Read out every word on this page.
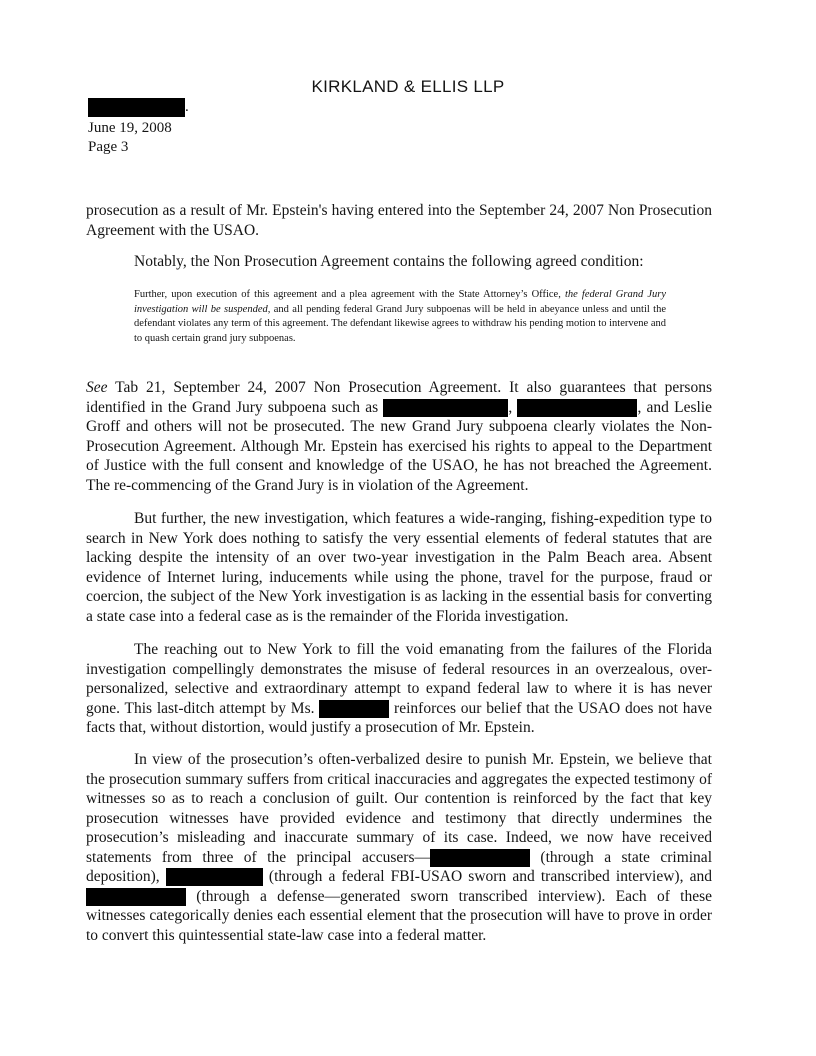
KIRKLAND & ELLIS LLP
.
June 19, 2008
Page 3

prosecution as a result of Mr. Epstein's having entered into the September 24, 2007 Non Prosecution Agreement with the USAO.

Notably, the Non Prosecution Agreement contains the following agreed condition:

Further, upon execution of this agreement and a plea agreement with the State Attorney’s Office, the federal Grand Jury investigation will be suspended, and all pending federal Grand Jury subpoenas will be held in abeyance unless and until the defendant violates any term of this agreement. The defendant likewise agrees to withdraw his pending motion to intervene and to quash certain grand jury subpoenas.

See Tab 21, September 24, 2007 Non Prosecution Agreement. It also guarantees that persons identified in the Grand Jury subpoena such as	,	, and Leslie Groff and others will not be prosecuted. The new Grand Jury subpoena clearly violates the Non-Prosecution Agreement. Although Mr. Epstein has exercised his rights to appeal to the Department of Justice with the full consent and knowledge of the USAO, he has not breached the Agreement. The re-commencing of the Grand Jury is in violation of the Agreement.

But further, the new investigation, which features a wide-ranging, fishing-expedition type to search in New York does nothing to satisfy the very essential elements of federal statutes that are lacking despite the intensity of an over two-year investigation in the Palm Beach area. Absent evidence of Internet luring, inducements while using the phone, travel for the purpose, fraud or coercion, the subject of the New York investigation is as lacking in the essential basis for converting a state case into a federal case as is the remainder of the Florida investigation.

The reaching out to New York to fill the void emanating from the failures of the Florida investigation compellingly demonstrates the misuse of federal resources in an overzealous, over-personalized, selective and extraordinary attempt to expand federal law to where it is has never gone. This last-ditch attempt by Ms.	reinforces our belief that the USAO does not have facts that, without distortion, would justify a prosecution of Mr. Epstein.

In view of the prosecution’s often-verbalized desire to punish Mr. Epstein, we believe that the prosecution summary suffers from critical inaccuracies and aggregates the expected testimony of witnesses so as to reach a conclusion of guilt. Our contention is reinforced by the fact that key prosecution witnesses have provided evidence and testimony that directly undermines the prosecution’s misleading and inaccurate summary of its case. Indeed, we now have received statements from three of the principal accusers—	(through a state criminal deposition),	(through a federal FBI-USAO sworn and transcribed interview), and  (through a defense—generated sworn transcribed interview). Each of these witnesses categorically denies each essential element that the prosecution will have to prove in order to convert this quintessential state-law case into a federal matter.
